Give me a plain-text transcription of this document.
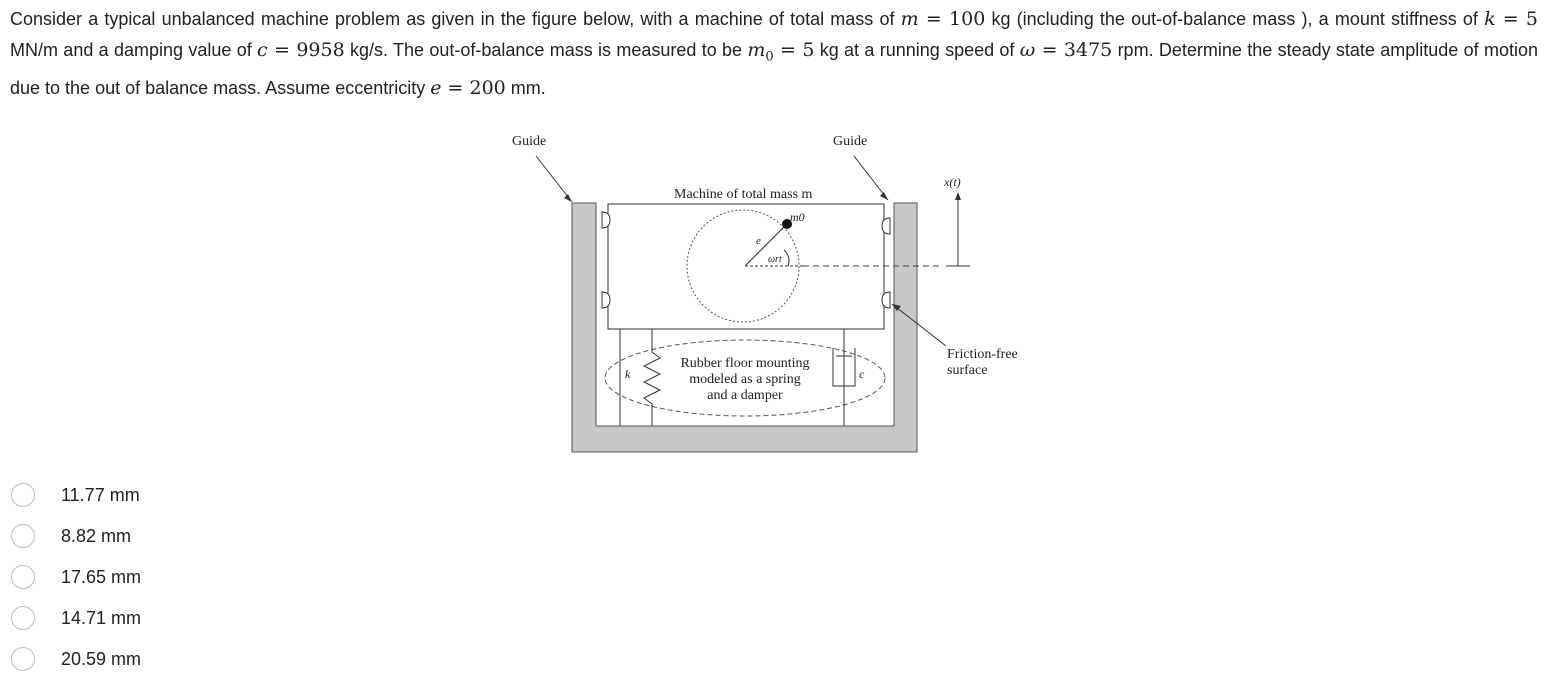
Consider a typical unbalanced machine problem as given in the figure below, with a machine of total mass of m = 100 kg (including the out-of-balance mass ), a mount stiffness of k = 5 MN/m and a damping value of c = 9958 kg/s. The out-of-balance mass is measured to be $m_0 = 5$ kg at a running speed of ω = 3475 rpm. Determine the steady state amplitude of motion due to the out of balance mass. Assume eccentricity e = 200 mm.
Guide	Guide
Machine of total mass m
m0
e
ωrt
x(t)
Friction-free
surface
Rubber floor mounting
modeled as a spring
and a damper
k	c
11.77 mm
8.82 mm
17.65 mm
14.71 mm
20.59 mm
